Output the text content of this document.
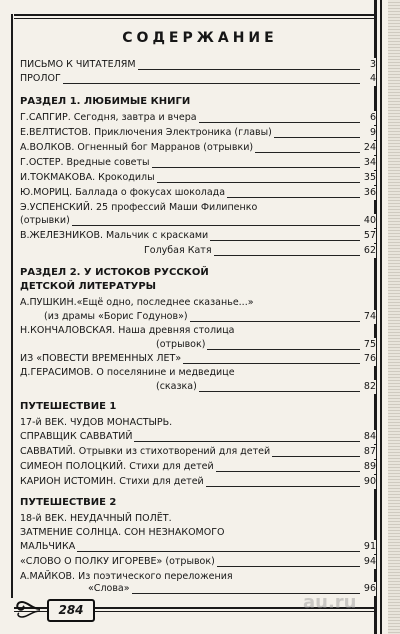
СОДЕРЖАНИЕ
ПИСЬМО К ЧИТАТЕЛЯМ	3
ПРОЛОГ	4
РАЗДЕЛ 1. ЛЮБИМЫЕ КНИГИ
Г.САПГИР. Сегодня, завтра и вчера	6
Е.ВЕЛТИСТОВ. Приключения Электроника (главы)	9
А.ВОЛКОВ. Огненный бог Марранов (отрывки)	24
Г.ОСТЕР. Вредные советы	34
И.ТОКМАКОВА. Крокодилы	35
Ю.МОРИЦ. Баллада о фокусах шоколада	36
Э.УСПЕНСКИЙ. 25 профессий Маши Филипенко
(отрывки)	40
В.ЖЕЛЕЗНИКОВ. Мальчик с красками	57
Голубая Катя	62
РАЗДЕЛ 2. У ИСТОКОВ РУССКОЙ
ДЕТСКОЙ ЛИТЕРАТУРЫ
А.ПУШКИН.«Ещё одно, последнее сказанье...»
(из драмы «Борис Годунов»)	74
Н.КОНЧАЛОВСКАЯ. Наша древняя столица
(отрывок)	75
ИЗ «ПОВЕСТИ ВРЕМЕННЫХ ЛЕТ»	76
Д.ГЕРАСИМОВ. О поселянине и медведице
(сказка)	82
ПУТЕШЕСТВИЕ 1
17-й ВЕК. ЧУДОВ МОНАСТЫРЬ.
СПРАВЩИК САВВАТИЙ	84
САВВАТИЙ. Отрывки из стихотворений для детей	87
СИМЕОН ПОЛОЦКИЙ. Стихи для детей	89
КАРИОН ИСТОМИН. Стихи для детей	90
ПУТЕШЕСТВИЕ 2
18-й ВЕК. НЕУДАЧНЫЙ ПОЛЁТ.
ЗАТМЕНИЕ СОЛНЦА. СОН НЕЗНАКОМОГО
МАЛЬЧИКА	91
«СЛОВО О ПОЛКУ ИГОРЕВЕ» (отрывок)	94
А.МАЙКОВ. Из поэтического переложения
«Слова»	96
284	au.ru
